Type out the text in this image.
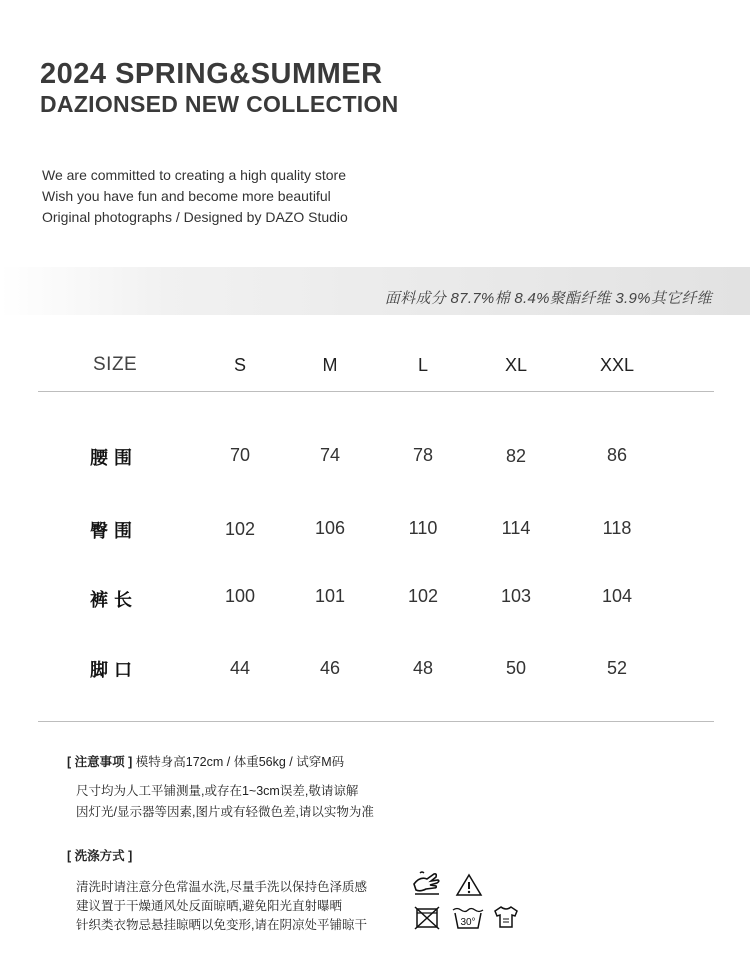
2024 SPRING&SUMMER
DAZIONSED NEW COLLECTION
We are committed to creating a high quality store
Wish you have fun and become more beautiful
Original photographs / Designed by DAZO Studio
面料成分 87.7%棉 8.4%聚酯纤维 3.9%其它纤维
SIZE	S	M	L	XL	XXL
腰围	70	74	78	82	86
臀围	102	106	110	114	118
裤长	100	101	102	103	104
脚口	44	46	48	50	52
[ 注意事项 ] 模特身高172cm / 体重56kg / 试穿M码
尺寸均为人工平铺测量,或存在1~3cm误差,敬请谅解
因灯光/显示器等因素,图片或有轻微色差,请以实物为准
[ 洗涤方式 ]
清洗时请注意分色常温水洗,尽量手洗以保持色泽质感
建议置于干燥通风处反面晾晒,避免阳光直射曝晒
针织类衣物忌悬挂晾晒以免变形,请在阴凉处平铺晾干	30°
